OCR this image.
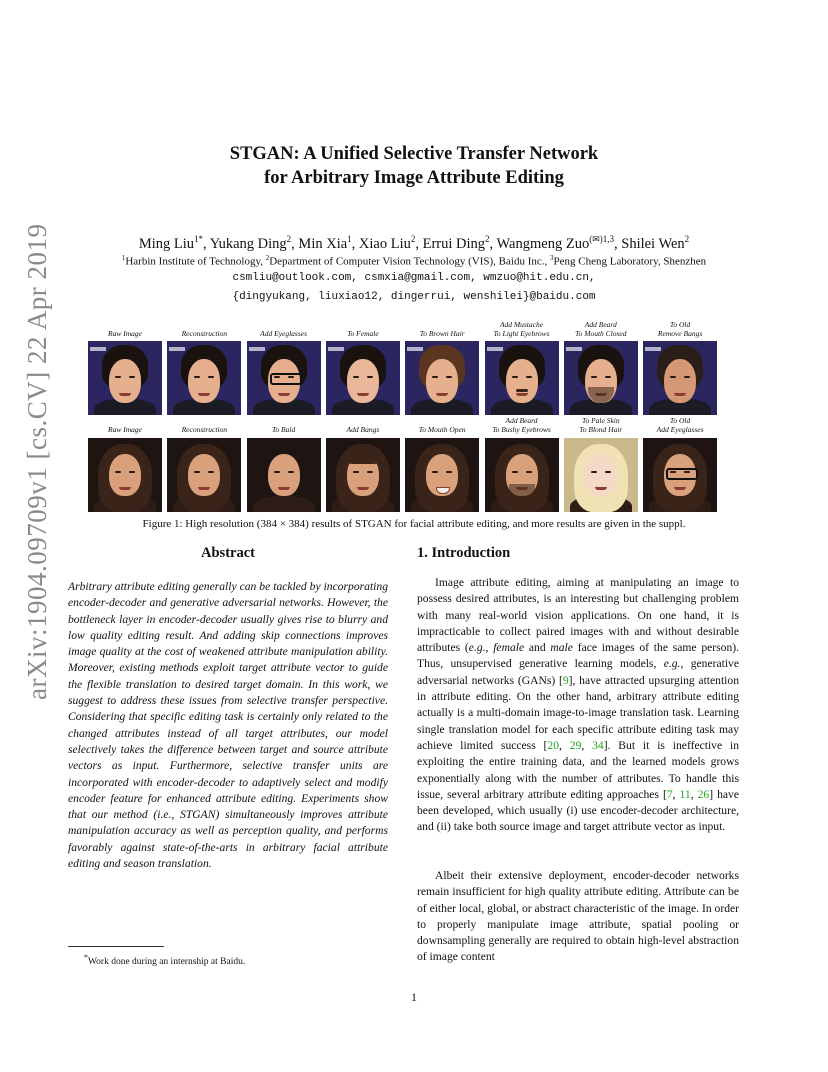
arXiv:1904.09709v1 [cs.CV] 22 Apr 2019
STGAN: A Unified Selective Transfer Network
for Arbitrary Image Attribute Editing
Ming Liu$^{1*}$, Yukang Ding$^2$, Min Xia$^1$, Xiao Liu$^2$, Errui Ding$^2$, Wangmeng Zuo$^{(✉)1,3}$, Shilei Wen$^2$
$^1$Harbin Institute of Technology, $^2$Department of Computer Vision Technology (VIS), Baidu Inc., $^3$Peng Cheng Laboratory, Shenzhen
csmliu@outlook.com, csmxia@gmail.com, wmzuo@hit.edu.cn,
{dingyukang, liuxiao12, dingerrui, wenshilei}@baidu.com
Raw Image	Reconstruction	Add Eyeglasses	To Female	To Brown Hair
Add Mustache
To Light Eyebrows
Add Beard
To Mouth Closed
To Old
Remove Bangs
Raw Image	Reconstruction	To Bald	Add Bangs	To Mouth Open
Add Beard
To Bushy Eyebrows
To Pale Skin
To Blond Hair
To Old
Add Eyeglasses
Figure 1: High resolution (384 × 384) results of STGAN for facial attribute editing, and more results are given in the suppl.
Abstract

Arbitrary attribute editing generally can be tackled by incorporating encoder-decoder and generative adversarial networks. However, the bottleneck layer in encoder-decoder usually gives rise to blurry and low quality editing result. And adding skip connections improves image quality at the cost of weakened attribute manipulation ability. Moreover, existing methods exploit target attribute vector to guide the flexible translation to desired target domain. In this work, we suggest to address these issues from selective transfer perspective. Considering that specific editing task is certainly only related to the changed attributes instead of all target attributes, our model selectively takes the difference between target and source attribute vectors as input. Furthermore, selective transfer units are incorporated with encoder-decoder to adaptively select and modify encoder feature for enhanced attribute editing. Experiments show that our method (i.e., STGAN) simultaneously improves attribute manipulation accuracy as well as perception quality, and performs favorably against state-of-the-arts in arbitrary facial attribute editing and season translation.

1. Introduction

Image attribute editing, aiming at manipulating an image to possess desired attributes, is an interesting but challenging problem with many real-world vision applications. On one hand, it is impracticable to collect paired images with and without desirable attributes (e.g., female and male face images of the same person). Thus, unsupervised generative learning models, e.g., generative adversarial networks (GANs) [9], have attracted upsurging attention in attribute editing. On the other hand, arbitrary attribute editing actually is a multi-domain image-to-image translation task. Learning single translation model for each specific attribute editing task may achieve limited success [20, 29, 34]. But it is ineffective in exploiting the entire training data, and the learned models grows exponentially along with the number of attributes. To handle this issue, several arbitrary attribute editing approaches [7, 11, 26] have been developed, which usually (i) use encoder-decoder architecture, and (ii) take both source image and target attribute vector as input.

Albeit their extensive deployment, encoder-decoder networks remain insufficient for high quality attribute editing. Attribute can be of either local, global, or abstract characteristic of the image. In order to properly manipulate image attribute, spatial pooling or downsampling generally are required to obtain high-level abstraction of image content

*Work done during an internship at Baidu.
1
